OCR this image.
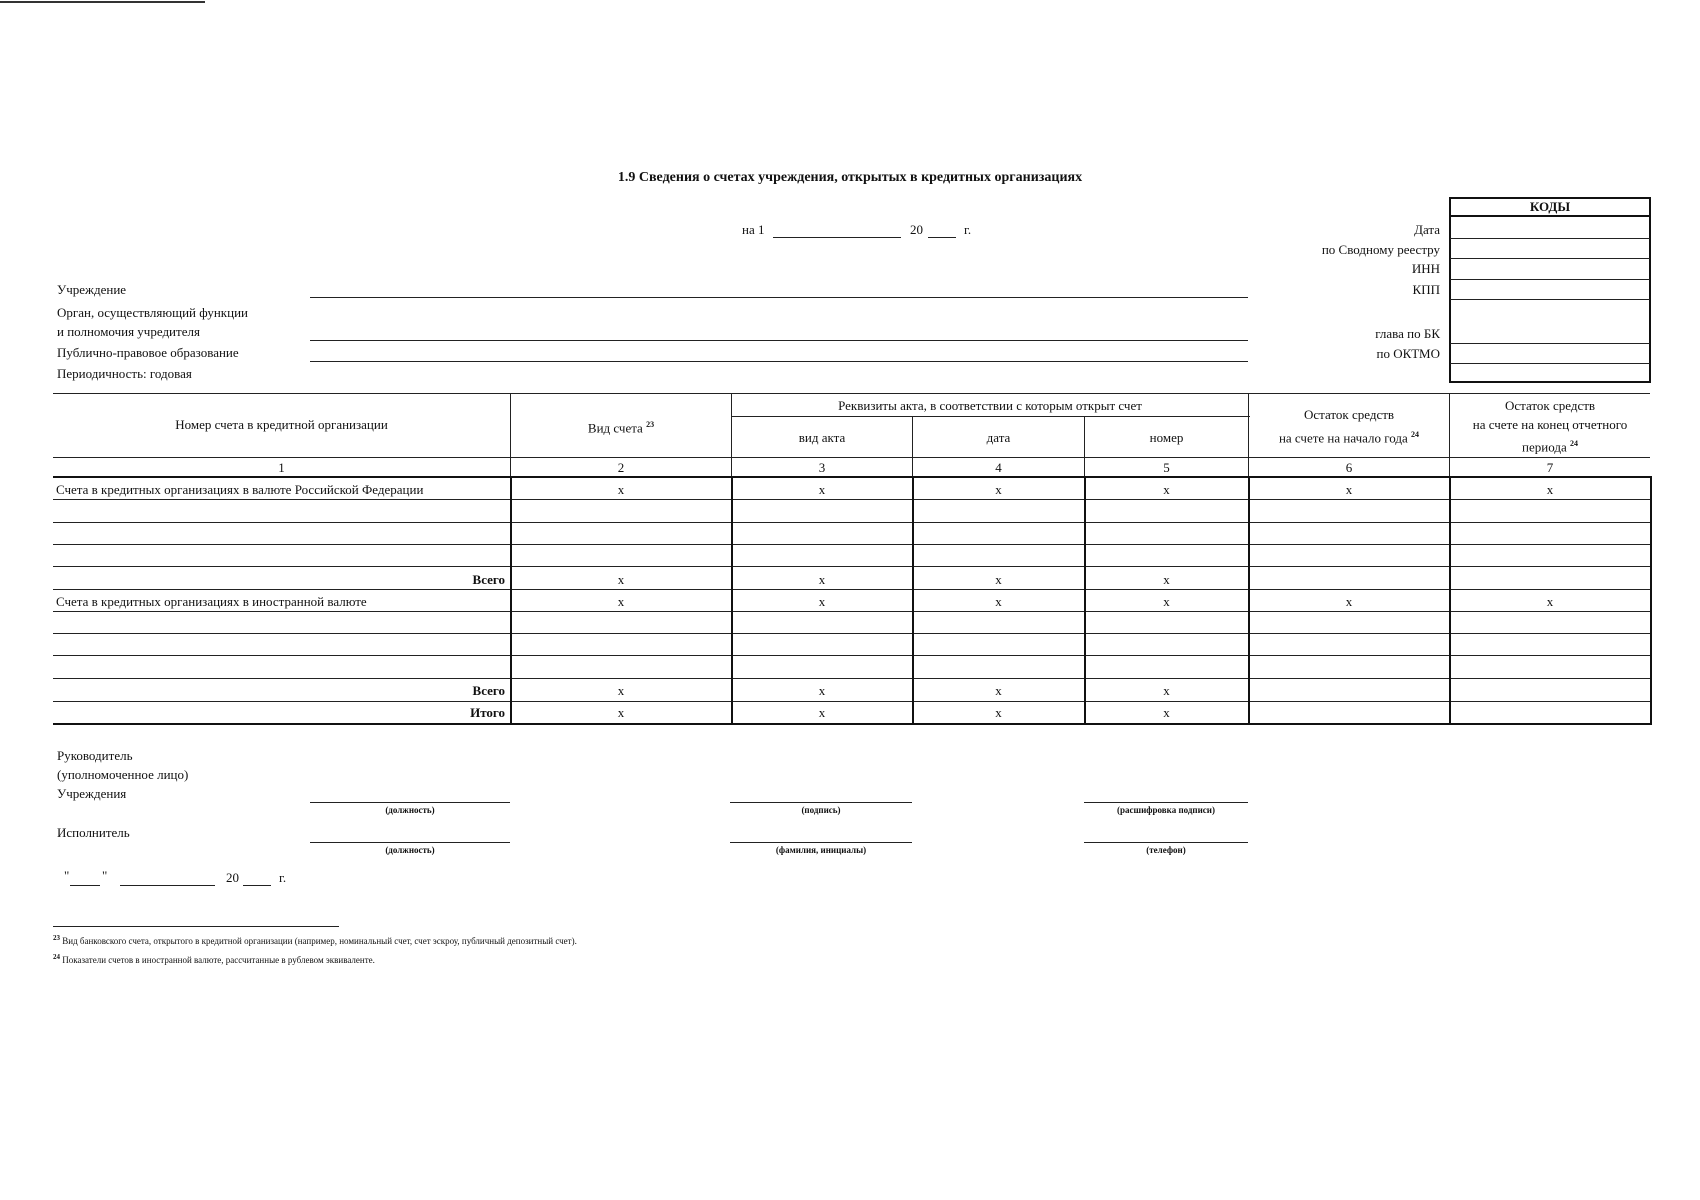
1.9 Сведения о счетах учреждения, открытых в кредитных организациях
на 1	20	г.
КОДЫ
Дата
по Сводному реестру
ИНН
КПП
глава по БК
по ОКТМО
Учреждение
Орган, осуществляющий функции
и полномочия учредителя
Публично-правовое образование
Периодичность: годовая
Номер счета в кредитной организации	Вид счета $^{23}$
Реквизиты акта, в соответствии с которым открыт счет
вид акта	дата	номер
Остаток средств
на счете на начало года $^{24}$
Остаток средств
на счете на конец отчетного
периода $^{24}$
1	2	3	4	5	6	7
Счета в кредитных организациях в валюте Российской Федерации	x	x	x	x	x	x
Всего	x	x	x	x
Счета в кредитных организациях в иностранной валюте	x	x	x	x	x	x
Всего	x	x	x	x
Итого	x	x	x	x
Руководитель
(уполномоченное лицо)
Учреждения
(должность)	(подпись)	(расшифровка подписи)
Исполнитель
(должность)	(фамилия, инициалы)	(телефон)
"	"	20	г.
$^{23}$ Вид банковского счета, открытого в кредитной организации (например, номинальный счет, счет эскроу, публичный депозитный счет).
$^{24}$ Показатели счетов в иностранной валюте, рассчитанные в рублевом эквиваленте.
